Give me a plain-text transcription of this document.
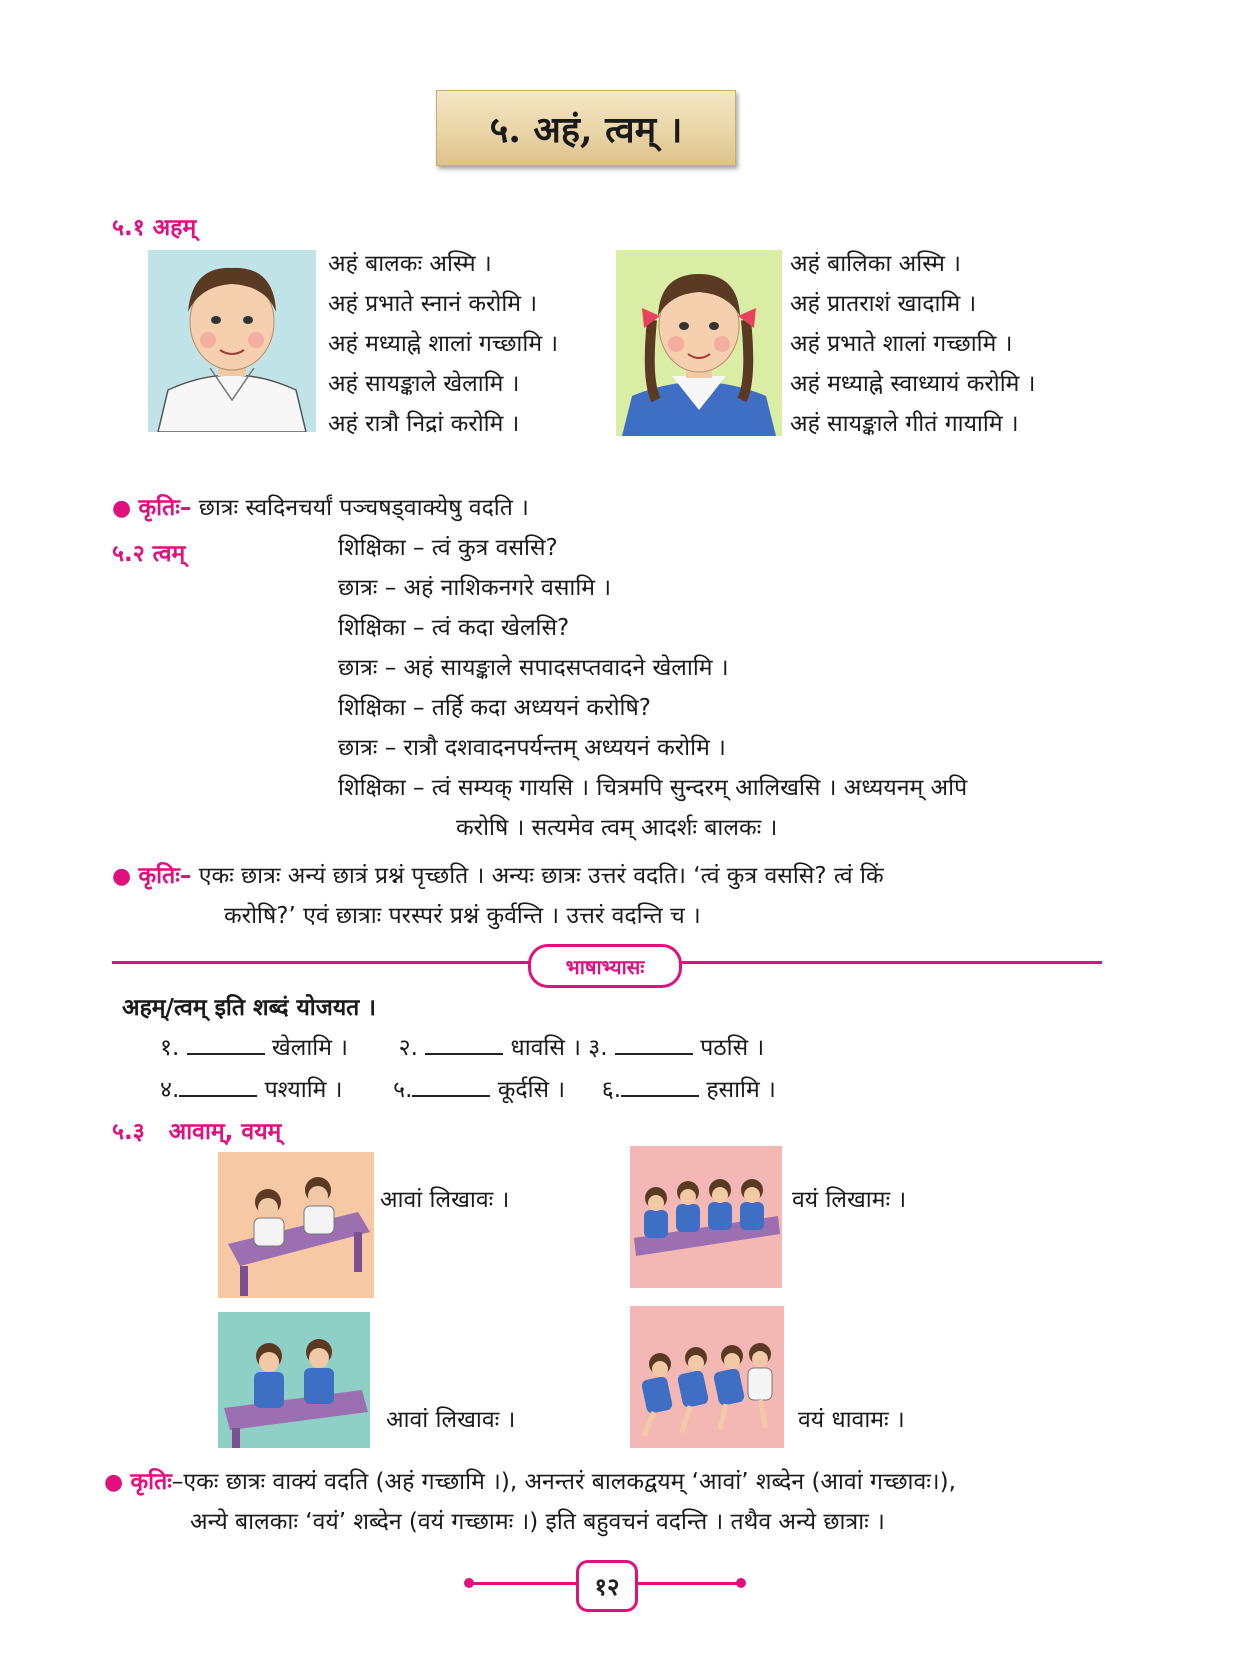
५. अहं, त्वम् ।
५.१ अहम्
अहं बालकः अस्मि ।
अहं प्रभाते स्नानं करोमि ।
अहं मध्याह्ने शालां गच्छामि ।
अहं सायङ्काले खेलामि ।
अहं रात्रौ निद्रां करोमि ।
अहं बालिका अस्मि ।
अहं प्रातराशं खादामि ।
अहं प्रभाते शालां गच्छामि ।
अहं मध्याह्ने स्वाध्यायं करोमि ।
अहं सायङ्काले गीतं गायामि ।
● कृतिः– छात्रः स्वदिनचर्यां पञ्चषड्वाक्येषु वदति ।
५.२ त्वम्	शिक्षिका – त्वं कुत्र वससि?
छात्रः – अहं नाशिकनगरे वसामि ।
शिक्षिका – त्वं कदा खेलसि?
छात्रः – अहं सायङ्काले सपादसप्तवादने खेलामि ।
शिक्षिका – तर्हि कदा अध्ययनं करोषि?
छात्रः – रात्रौ दशवादनपर्यन्तम् अध्ययनं करोमि ।
शिक्षिका – त्वं सम्यक् गायसि । चित्रमपि सुन्दरम् आलिखसि । अध्ययनम् अपि
करोषि । सत्यमेव त्वम् आदर्शः बालकः ।
● कृतिः– एकः छात्रः अन्यं छात्रं प्रश्नं पृच्छति । अन्यः छात्रः उत्तरं वदति। ‘त्वं कुत्र वससि? त्वं किं
करोषि?’ एवं छात्राः परस्परं प्रश्नं कुर्वन्ति । उत्तरं वदन्ति च ।
भाषाभ्यासः
अहम्/त्वम् इति शब्दं योजयत ।
१.	खेलामि । २.	धावसि । ३.	पठसि ।
४.	पश्यामि । ५.	कूर्दसि । ६.	हसामि ।
५.३   आवाम्, वयम्
आवां लिखावः ।	वयं लिखामः ।
आवां लिखावः ।	वयं धावामः ।
● कृतिः–एकः छात्रः वाक्यं वदति (अहं गच्छामि ।), अनन्तरं बालकद्वयम् ‘आवां’ शब्देन (आवां गच्छावः।),
अन्ये बालकाः ‘वयं’ शब्देन (वयं गच्छामः ।) इति बहुवचनं वदन्ति । तथैव अन्ये छात्राः ।
१२
